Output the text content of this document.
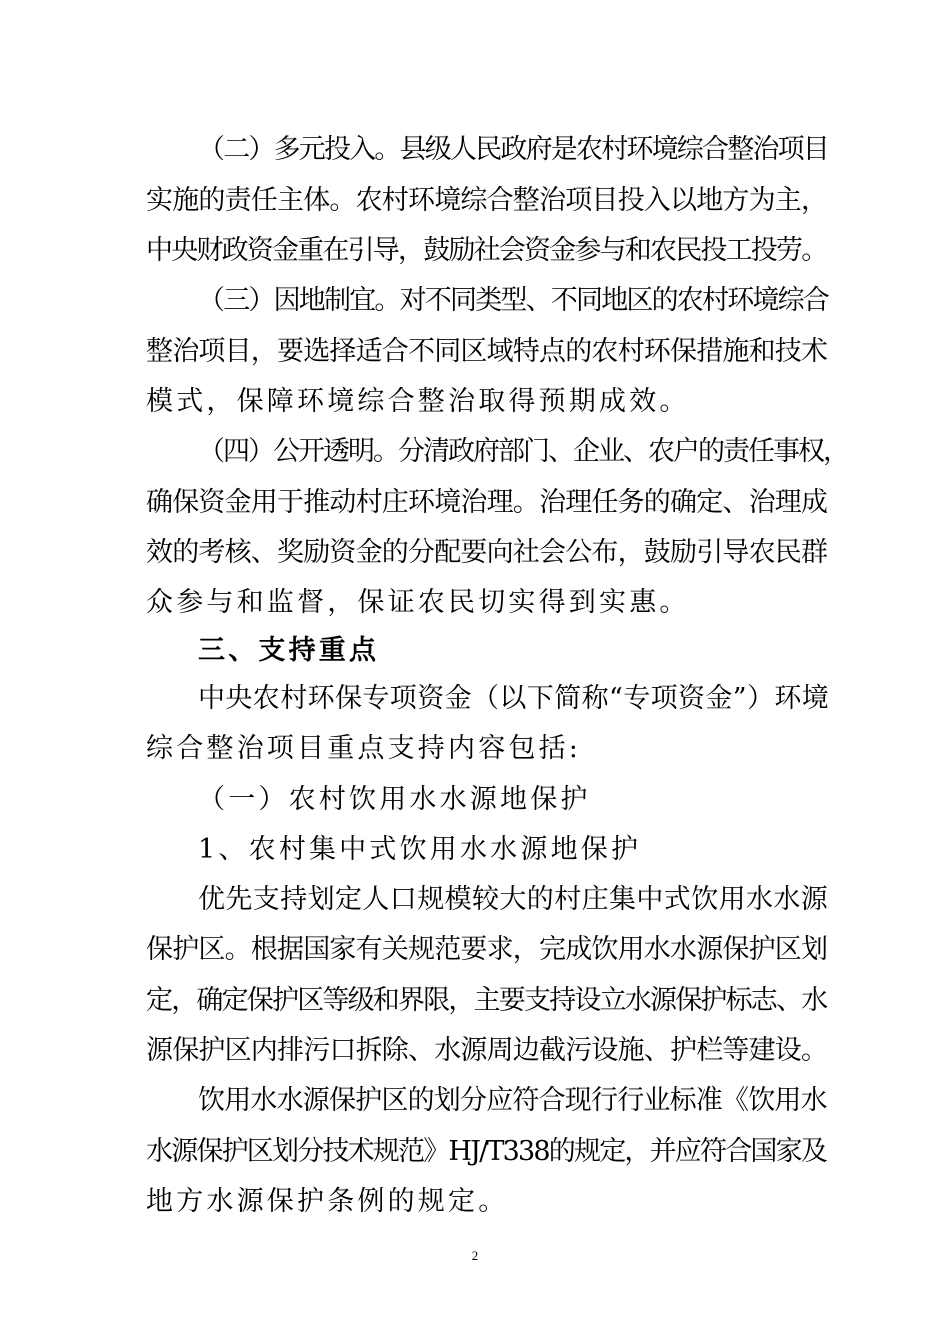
（二）多元投入。县级人民政府是农村环境综合整治项目
实施的责任主体。农村环境综合整治项目投入以地方为主，
中央财政资金重在引导，鼓励社会资金参与和农民投工投劳。
（三）因地制宜。对不同类型、不同地区的农村环境综合
整治项目，要选择适合不同区域特点的农村环保措施和技术
模式，保障环境综合整治取得预期成效。
（四）公开透明。分清政府部门、企业、农户的责任事权，
确保资金用于推动村庄环境治理。治理任务的确定、治理成
效的考核、奖励资金的分配要向社会公布，鼓励引导农民群
众参与和监督，保证农民切实得到实惠。
三、支持重点
中央农村环保专项资金（以下简称“专项资金”）环境
综合整治项目重点支持内容包括:
（一）农村饮用水水源地保护
1、农村集中式饮用水水源地保护
优先支持划定人口规模较大的村庄集中式饮用水水源
保护区。根据国家有关规范要求，完成饮用水水源保护区划
定，确定保护区等级和界限，主要支持设立水源保护标志、水
源保护区内排污口拆除、水源周边截污设施、护栏等建设。
饮用水水源保护区的划分应符合现行行业标准《饮用水
水源保护区划分技术规范》HJ/T338的规定，并应符合国家及
地方水源保护条例的规定。
2
